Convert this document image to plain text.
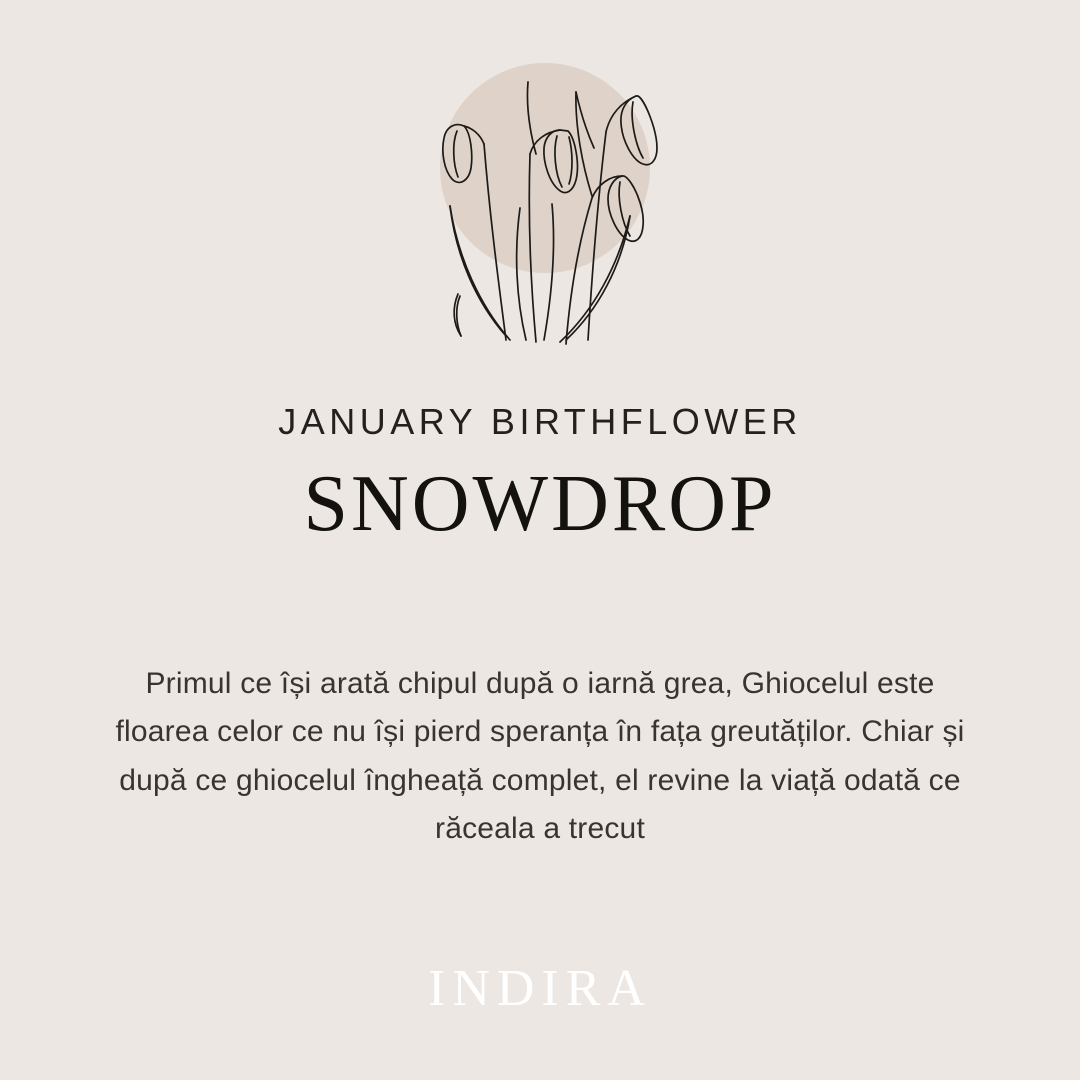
JANUARY BIRTHFLOWER
SNOWDROP
Primul ce își arată chipul după o iarnă grea, Ghiocelul este floarea celor ce nu își pierd speranța în fața greutăților. Chiar și după ce ghiocelul îngheață complet, el revine la viață odată ce răceala a trecut
INDIRA
